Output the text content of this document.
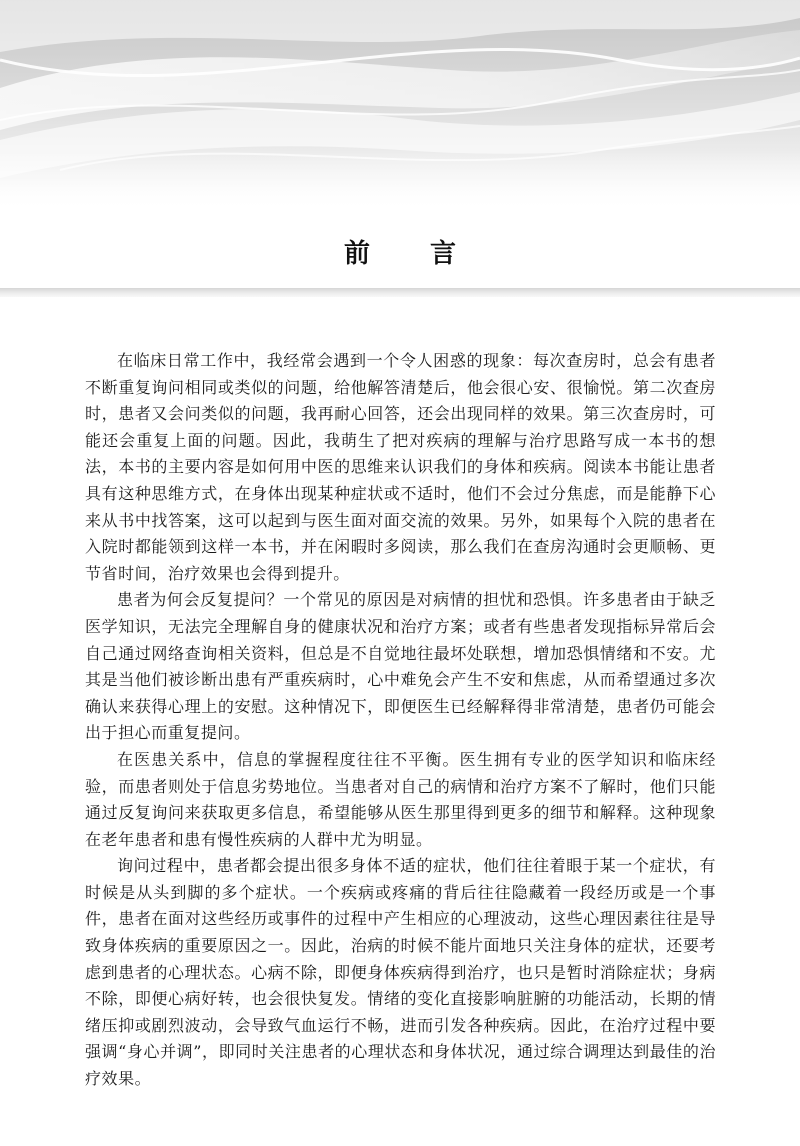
前　言

在临床日常工作中，我经常会遇到一个令人困惑的现象：每次查房时，总会有患者不断重复询问相同或类似的问题，给他解答清楚后，他会很心安、很愉悦。第二次查房时，患者又会问类似的问题，我再耐心回答，还会出现同样的效果。第三次查房时，可能还会重复上面的问题。因此，我萌生了把对疾病的理解与治疗思路写成一本书的想法，本书的主要内容是如何用中医的思维来认识我们的身体和疾病。阅读本书能让患者具有这种思维方式，在身体出现某种症状或不适时，他们不会过分焦虑，而是能静下心来从书中找答案，这可以起到与医生面对面交流的效果。另外，如果每个入院的患者在入院时都能领到这样一本书，并在闲暇时多阅读，那么我们在查房沟通时会更顺畅、更节省时间，治疗效果也会得到提升。

患者为何会反复提问？一个常见的原因是对病情的担忧和恐惧。许多患者由于缺乏医学知识，无法完全理解自身的健康状况和治疗方案；或者有些患者发现指标异常后会自己通过网络查询相关资料，但总是不自觉地往最坏处联想，增加恐惧情绪和不安。尤其是当他们被诊断出患有严重疾病时，心中难免会产生不安和焦虑，从而希望通过多次确认来获得心理上的安慰。这种情况下，即便医生已经解释得非常清楚，患者仍可能会出于担心而重复提问。

在医患关系中，信息的掌握程度往往不平衡。医生拥有专业的医学知识和临床经验，而患者则处于信息劣势地位。当患者对自己的病情和治疗方案不了解时，他们只能通过反复询问来获取更多信息，希望能够从医生那里得到更多的细节和解释。这种现象在老年患者和患有慢性疾病的人群中尤为明显。

询问过程中，患者都会提出很多身体不适的症状，他们往往着眼于某一个症状，有时候是从头到脚的多个症状。一个疾病或疼痛的背后往往隐藏着一段经历或是一个事件，患者在面对这些经历或事件的过程中产生相应的心理波动，这些心理因素往往是导致身体疾病的重要原因之一。因此，治病的时候不能片面地只关注身体的症状，还要考虑到患者的心理状态。心病不除，即便身体疾病得到治疗，也只是暂时消除症状；身病不除，即便心病好转，也会很快复发。情绪的变化直接影响脏腑的功能活动，长期的情绪压抑或剧烈波动，会导致气血运行不畅，进而引发各种疾病。因此，在治疗过程中要强调“身心并调”，即同时关注患者的心理状态和身体状况，通过综合调理达到最佳的治疗效果。
